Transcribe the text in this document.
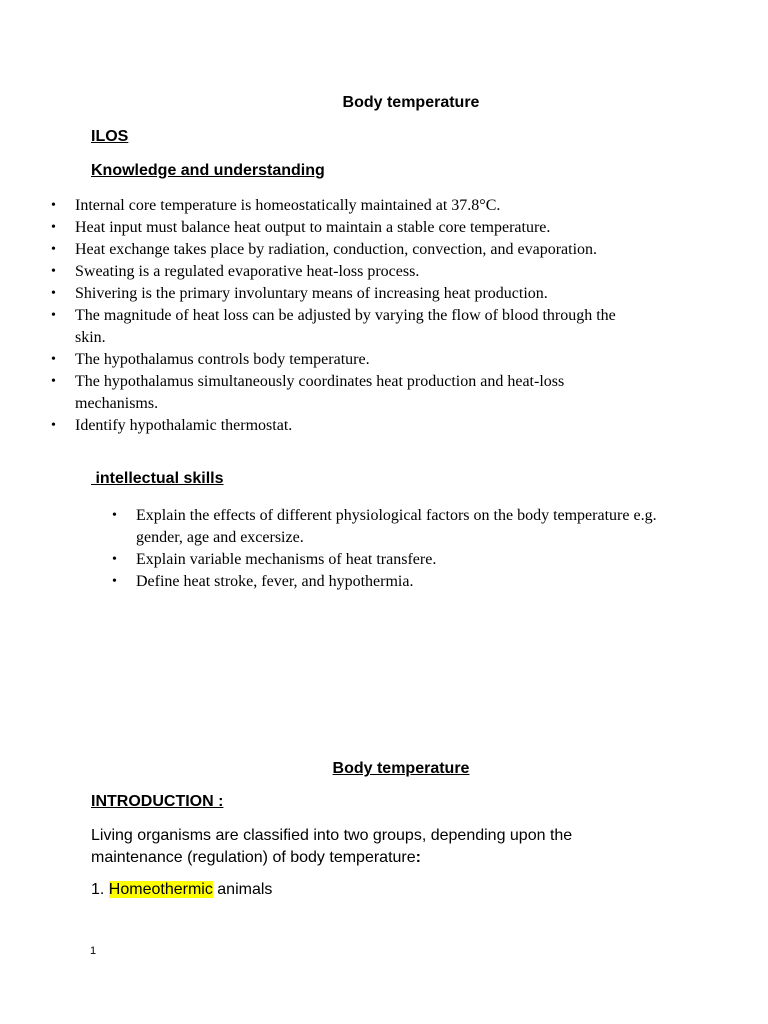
Body temperature
ILOS
Knowledge and understanding
• Internal core temperature is homeostatically maintained at 37.8°C.
• Heat input must balance heat output to maintain a stable core temperature.
• Heat exchange takes place by radiation, conduction, convection, and evaporation.
• Sweating is a regulated evaporative heat-loss process.
• Shivering is the primary involuntary means of increasing heat production.
• The magnitude of heat loss can be adjusted by varying the flow of blood through the
skin.
• The hypothalamus controls body temperature.
• The hypothalamus simultaneously coordinates heat production and heat-loss
mechanisms.
• Identify hypothalamic thermostat.
intellectual skills
• Explain the effects of different physiological factors on the body temperature e.g.
gender, age and excersize.
• Explain variable mechanisms of heat transfere.
• Define heat stroke, fever, and hypothermia.
Body temperature
INTRODUCTION :
Living organisms are classified into two groups, depending upon the maintenance (regulation) of body temperature:
1. Homeothermic animals
1
